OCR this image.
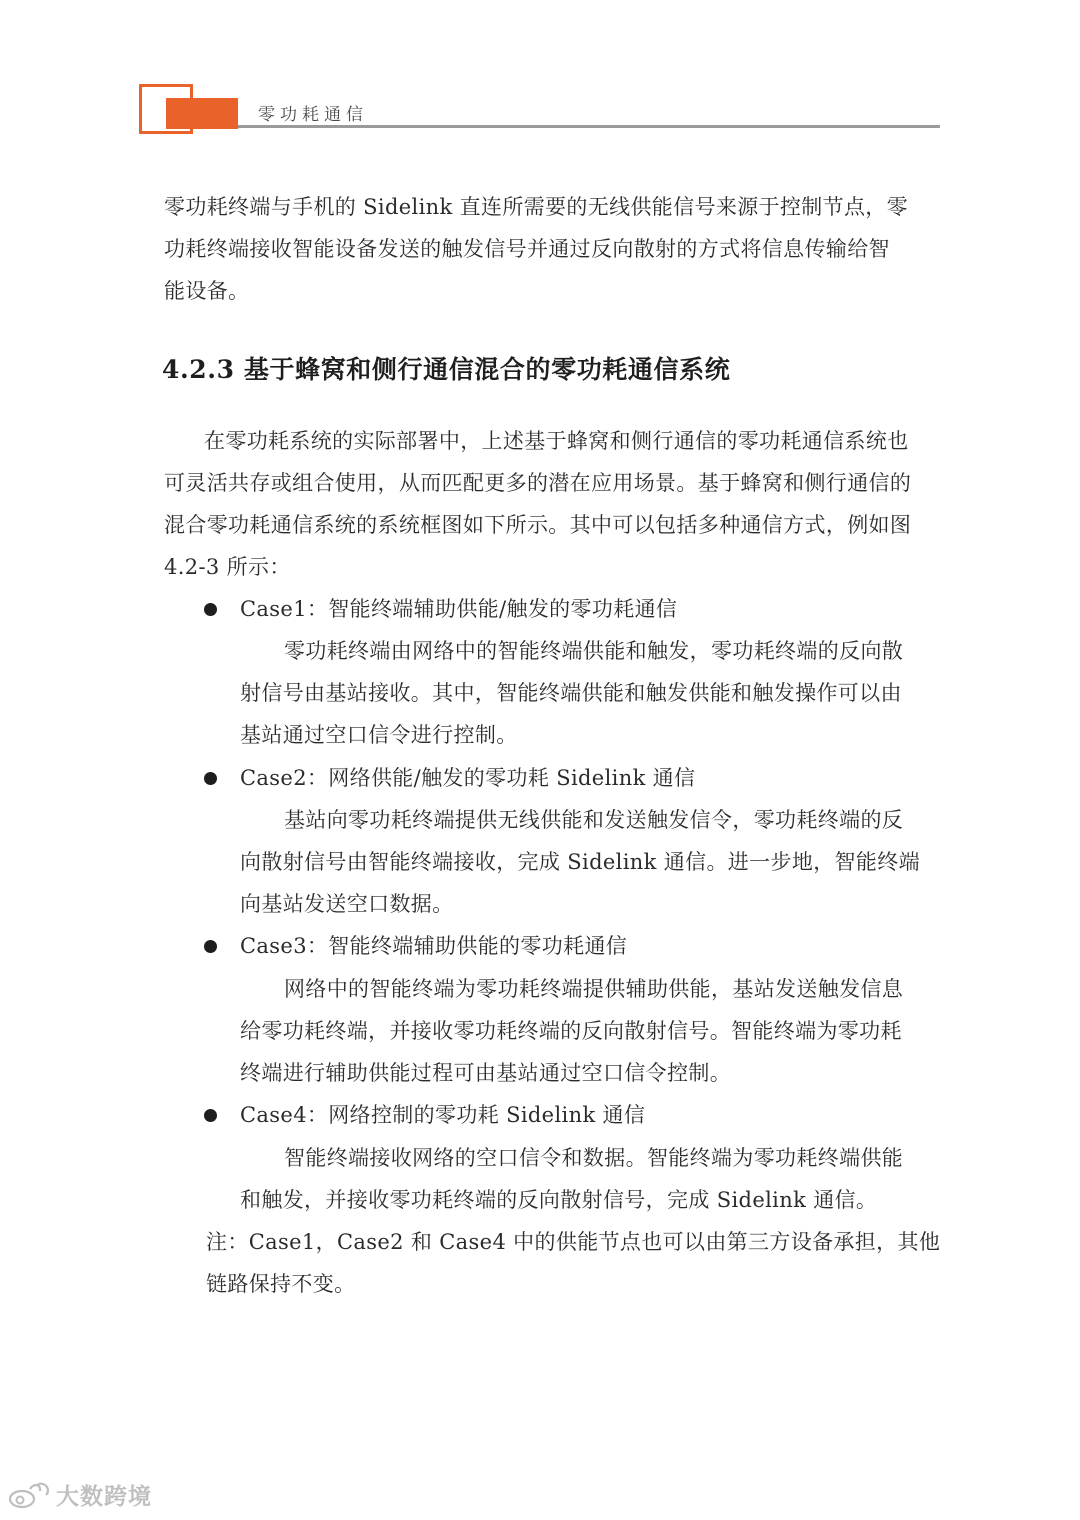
零功耗通信
零功耗终端与手机的 Sidelink 直连所需要的无线供能信号来源于控制节点，零
功耗终端接收智能设备发送的触发信号并通过反向散射的方式将信息传输给智
能设备。
4.2.3 基于蜂窝和侧行通信混合的零功耗通信系统
在零功耗系统的实际部署中，上述基于蜂窝和侧行通信的零功耗通信系统也
可灵活共存或组合使用，从而匹配更多的潜在应用场景。基于蜂窝和侧行通信的
混合零功耗通信系统的系统框图如下所示。其中可以包括多种通信方式，例如图
4.2-3 所示：
Case1：智能终端辅助供能/触发的零功耗通信
零功耗终端由网络中的智能终端供能和触发，零功耗终端的反向散
射信号由基站接收。其中，智能终端供能和触发供能和触发操作可以由
基站通过空口信令进行控制。
Case2：网络供能/触发的零功耗 Sidelink 通信
基站向零功耗终端提供无线供能和发送触发信令，零功耗终端的反
向散射信号由智能终端接收，完成 Sidelink 通信。进一步地，智能终端
向基站发送空口数据。
Case3：智能终端辅助供能的零功耗通信
网络中的智能终端为零功耗终端提供辅助供能，基站发送触发信息
给零功耗终端，并接收零功耗终端的反向散射信号。智能终端为零功耗
终端进行辅助供能过程可由基站通过空口信令控制。
Case4：网络控制的零功耗 Sidelink 通信
智能终端接收网络的空口信令和数据。智能终端为零功耗终端供能
和触发，并接收零功耗终端的反向散射信号，完成 Sidelink 通信。
注：Case1，Case2 和 Case4 中的供能节点也可以由第三方设备承担，其他
链路保持不变。
大数跨境
